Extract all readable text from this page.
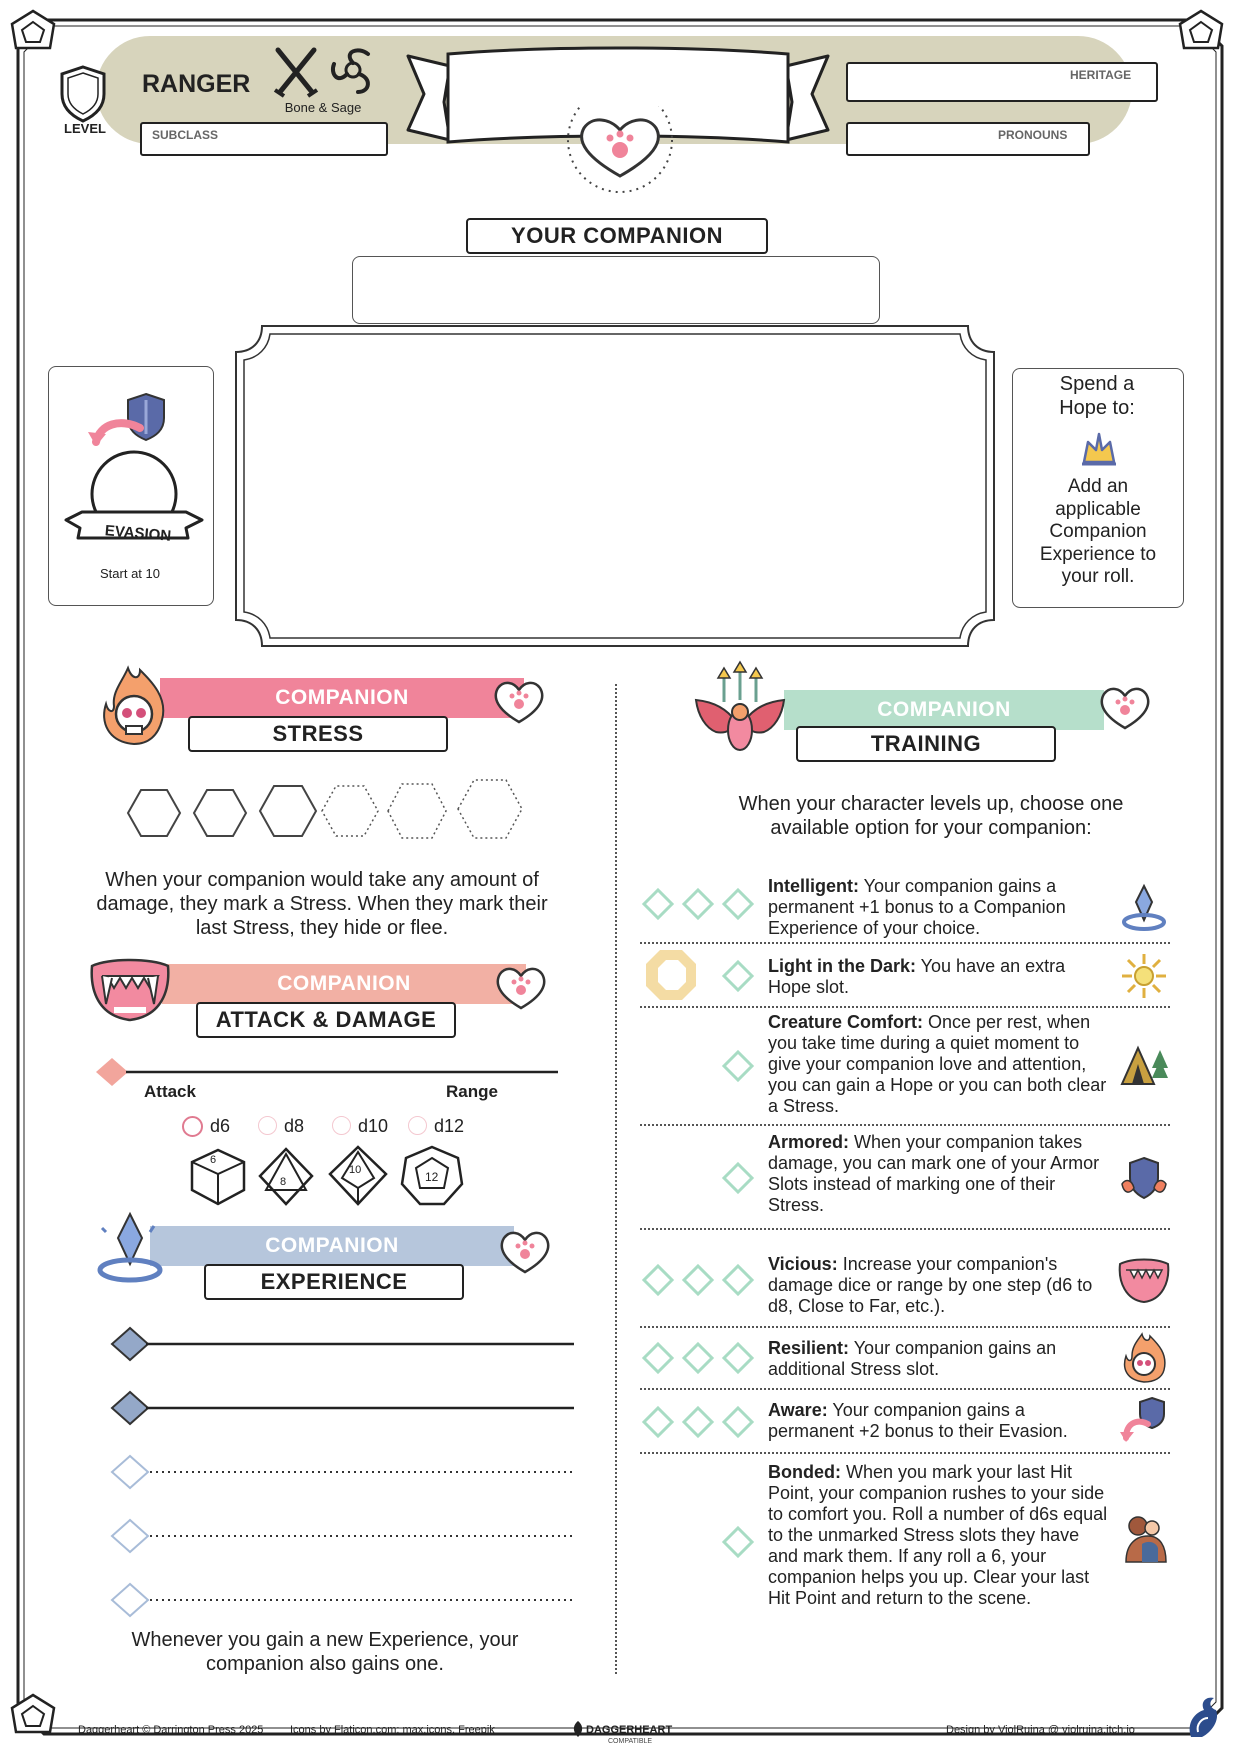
LEVEL
RANGER
Bone & Sage
SUBCLASS
HERITAGE
PRONOUNS
YOUR COMPANION
EVASION
Start at 10
Spend a Hope to:
Add an applicable Companion Experience to your roll.
COMPANION
STRESS
When your companion would take any amount of damage, they mark a Stress. When they mark their last Stress, they hide or flee.
COMPANION
ATTACK & DAMAGE
Attack	Range
d6	d8	d10	d12
6
8
10	12
COMPANION
EXPERIENCE
Whenever you gain a new Experience, your companion also gains one.
COMPANION
TRAINING
When your character levels up, choose one available option for your companion:
Intelligent: Your companion gains a permanent +1 bonus to a Companion Experience of your choice.
Light in the Dark: You have an extra Hope slot.
Creature Comfort: Once per rest, when you take time during a quiet moment to give your companion love and attention, you can gain a Hope or you can both clear a Stress.
Armored: When your companion takes damage, you can mark one of your Armor Slots instead of marking one of their Stress.
Vicious: Increase your companion's damage dice or range by one step (d6 to d8, Close to Far, etc.).
Resilient: Your companion gains an additional Stress slot.
Aware: Your companion gains a permanent +2 bonus to their Evasion.
Bonded: When you mark your last Hit Point, your companion rushes to your side to comfort you. Roll a number of d6s equal to the unmarked Stress slots they have and mark them. If any roll a 6, your companion helps you up. Clear your last Hit Point and return to the scene.
Daggerheart © Darrington Press 2025 Icons by Flaticon.com: max.icons, Freepik	DAGGERHEART
COMPATIBLE
Design by ViolRuina @ violruina.itch.io
